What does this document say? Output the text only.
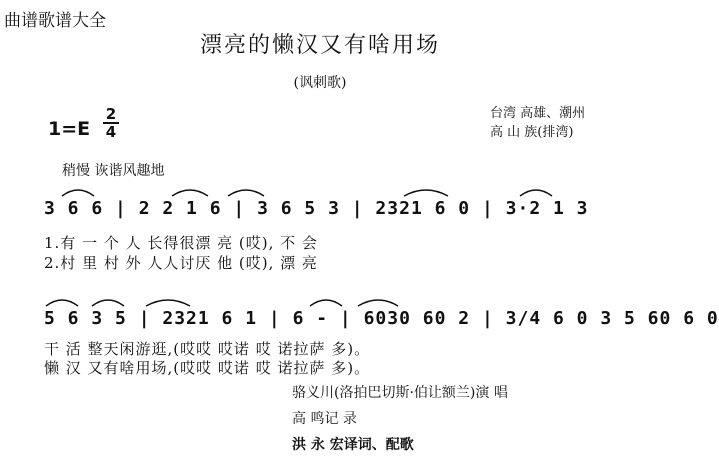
曲谱歌谱大全
漂亮的懒汉又有啥用场
(讽刺歌)
1=E
2
4
台湾 高雄、潮州
高 山 族(排湾)
稍慢 诙谐风趣地
3 6 6 | 2 2 1 6 | 3 6 5 3 | 2321 6 0 | 3·2 1 3
5 6 3 5 | 2321 6 1 | 6 - | 6030 60 2 | 3/4 6 0 3 5 60 6 0
1.有 一 个 人 长得很漂 亮 (哎), 不 会
2.村 里 村 外 人人讨厌 他 (哎), 漂 亮
干 活 整天闲游逛,(哎哎 哎诺 哎 诺拉萨 多)。
懒 汉 又有啥用场,(哎哎 哎诺 哎 诺拉萨 多)。
骆义川(洛拍巴切斯·伯让额兰)演 唱
高 鸣记 录
洪 永 宏译词、配歌
